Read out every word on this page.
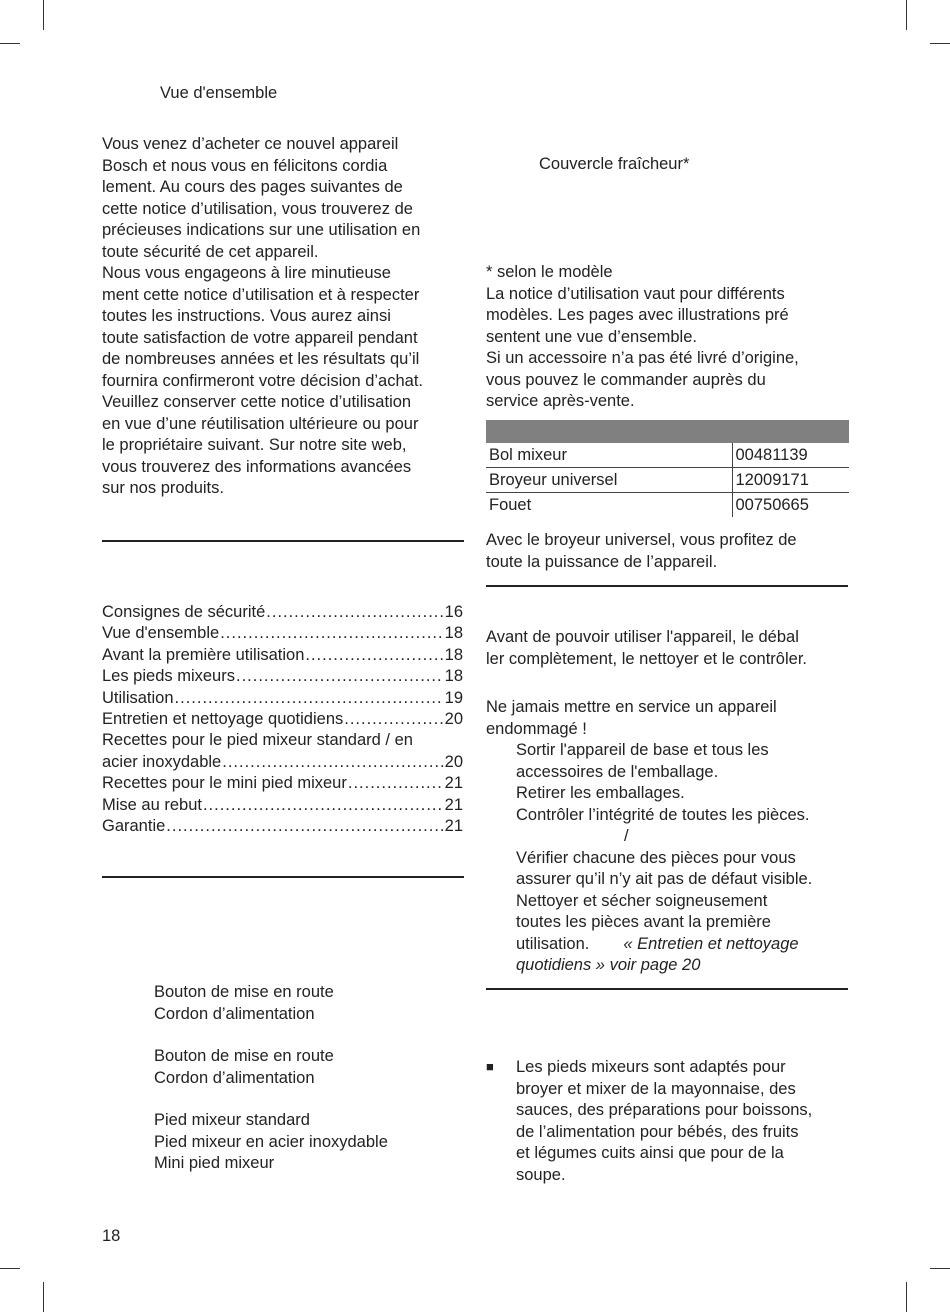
Vue d'ensemble
Vous venez d’acheter ce nouvel appareil
Bosch et nous vous en félicitons cordia
lement. Au cours des pages suivantes de
cette notice d’utilisation, vous trouverez de
précieuses indications sur une utilisation en
toute sécurité de cet appareil.
Nous vous engageons à lire minutieuse
ment cette notice d’utilisation et à respecter
toutes les instructions. Vous aurez ainsi
toute satisfaction de votre appareil pendant
de nombreuses années et les résultats qu’il
fournira confirmeront votre décision d’achat.
Veuillez conserver cette notice d’utilisation
en vue d’une réutilisation ultérieure ou pour
le propriétaire suivant. Sur notre site web,
vous trouverez des informations avancées
sur nos produits.
Consignes de sécurité .....	16
Vue d'ensemble .....	18
Avant la première utilisation .....	18
Les pieds mixeurs .....	18
Utilisation .....	19
Entretien et nettoyage quotidiens .....	20
Recettes pour le pied mixeur standard / en
acier inoxydable .....	20
Recettes pour le mini pied mixeur .....	21
Mise au rebut .....	21
Garantie .....	21
Bouton de mise en route
Cordon d’alimentation
Bouton de mise en route
Cordon d’alimentation
Pied mixeur standard
Pied mixeur en acier inoxydable
Mini pied mixeur
18
Couvercle fraîcheur*
* selon le modèle
La notice d’utilisation vaut pour différents
modèles. Les pages avec illustrations pré
sentent une vue d’ensemble.
Si un accessoire n’a pas été livré d’origine,
vous pouvez le commander auprès du
service après-vente.

Bol mixeur	00481139
Broyeur universel	12009171
Fouet	00750665
Avec le broyeur universel, vous profitez de
toute la puissance de l’appareil.
Avant de pouvoir utiliser l'appareil, le débal
ler complètement, le nettoyer et le contrôler.
Ne jamais mettre en service un appareil
endommagé !
Sortir l'appareil de base et tous les
accessoires de l'emballage.
Retirer les emballages.
Contrôler l’intégrité de toutes les pièces.
/
Vérifier chacune des pièces pour vous
assurer qu’il n’y ait pas de défaut visible.
Nettoyer et sécher soigneusement
toutes les pièces avant la première
utilisation. « Entretien et nettoyage
quotidiens » voir page 20
■ Les pieds mixeurs sont adaptés pour
broyer et mixer de la mayonnaise, des
sauces, des préparations pour boissons,
de l’alimentation pour bébés, des fruits
et légumes cuits ainsi que pour de la
soupe.
